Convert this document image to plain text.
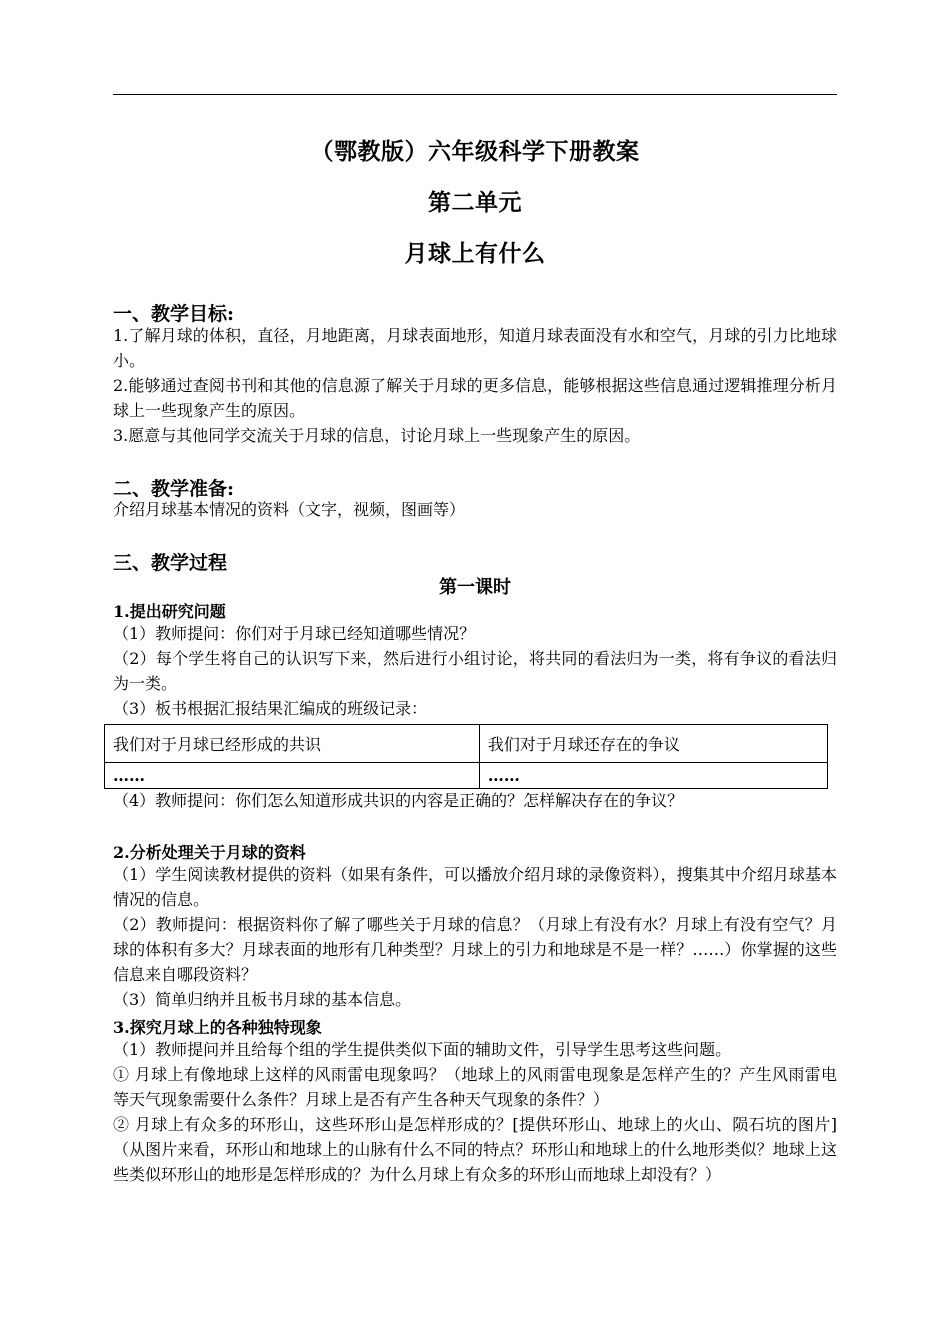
（鄂教版）六年级科学下册教案
第二单元
月球上有什么
一、教学目标:
1.了解月球的体积，直径，月地距离，月球表面地形，知道月球表面没有水和空气，月球的引力比地球小。
2.能够通过查阅书刊和其他的信息源了解关于月球的更多信息，能够根据这些信息通过逻辑推理分析月球上一些现象产生的原因。
3.愿意与其他同学交流关于月球的信息，讨论月球上一些现象产生的原因。
二、教学准备:
介绍月球基本情况的资料（文字，视频，图画等）
三、教学过程
第一课时
1.提出研究问题
（1）教师提问：你们对于月球已经知道哪些情况？
（2）每个学生将自己的认识写下来，然后进行小组讨论，将共同的看法归为一类，将有争议的看法归为一类。
（3）板书根据汇报结果汇编成的班级记录：
我们对于月球已经形成的共识	我们对于月球还存在的争议
……	……
（4）教师提问：你们怎么知道形成共识的内容是正确的？怎样解决存在的争议？
2.分析处理关于月球的资料
（1）学生阅读教材提供的资料（如果有条件，可以播放介绍月球的录像资料），搜集其中介绍月球基本情况的信息。
（2）教师提问：根据资料你了解了哪些关于月球的信息？（月球上有没有水？月球上有没有空气？月球的体积有多大？月球表面的地形有几种类型？月球上的引力和地球是不是一样？……）你掌握的这些信息来自哪段资料？
（3）简单归纳并且板书月球的基本信息。
3.探究月球上的各种独特现象
（1）教师提问并且给每个组的学生提供类似下面的辅助文件，引导学生思考这些问题。
① 月球上有像地球上这样的风雨雷电现象吗？（地球上的风雨雷电现象是怎样产生的？产生风雨雷电等天气现象需要什么条件？月球上是否有产生各种天气现象的条件？）
② 月球上有众多的环形山，这些环形山是怎样形成的？[提供环形山、地球上的火山、陨石坑的图片]（从图片来看，环形山和地球上的山脉有什么不同的特点？环形山和地球上的什么地形类似？地球上这些类似环形山的地形是怎样形成的？为什么月球上有众多的环形山而地球上却没有？）
